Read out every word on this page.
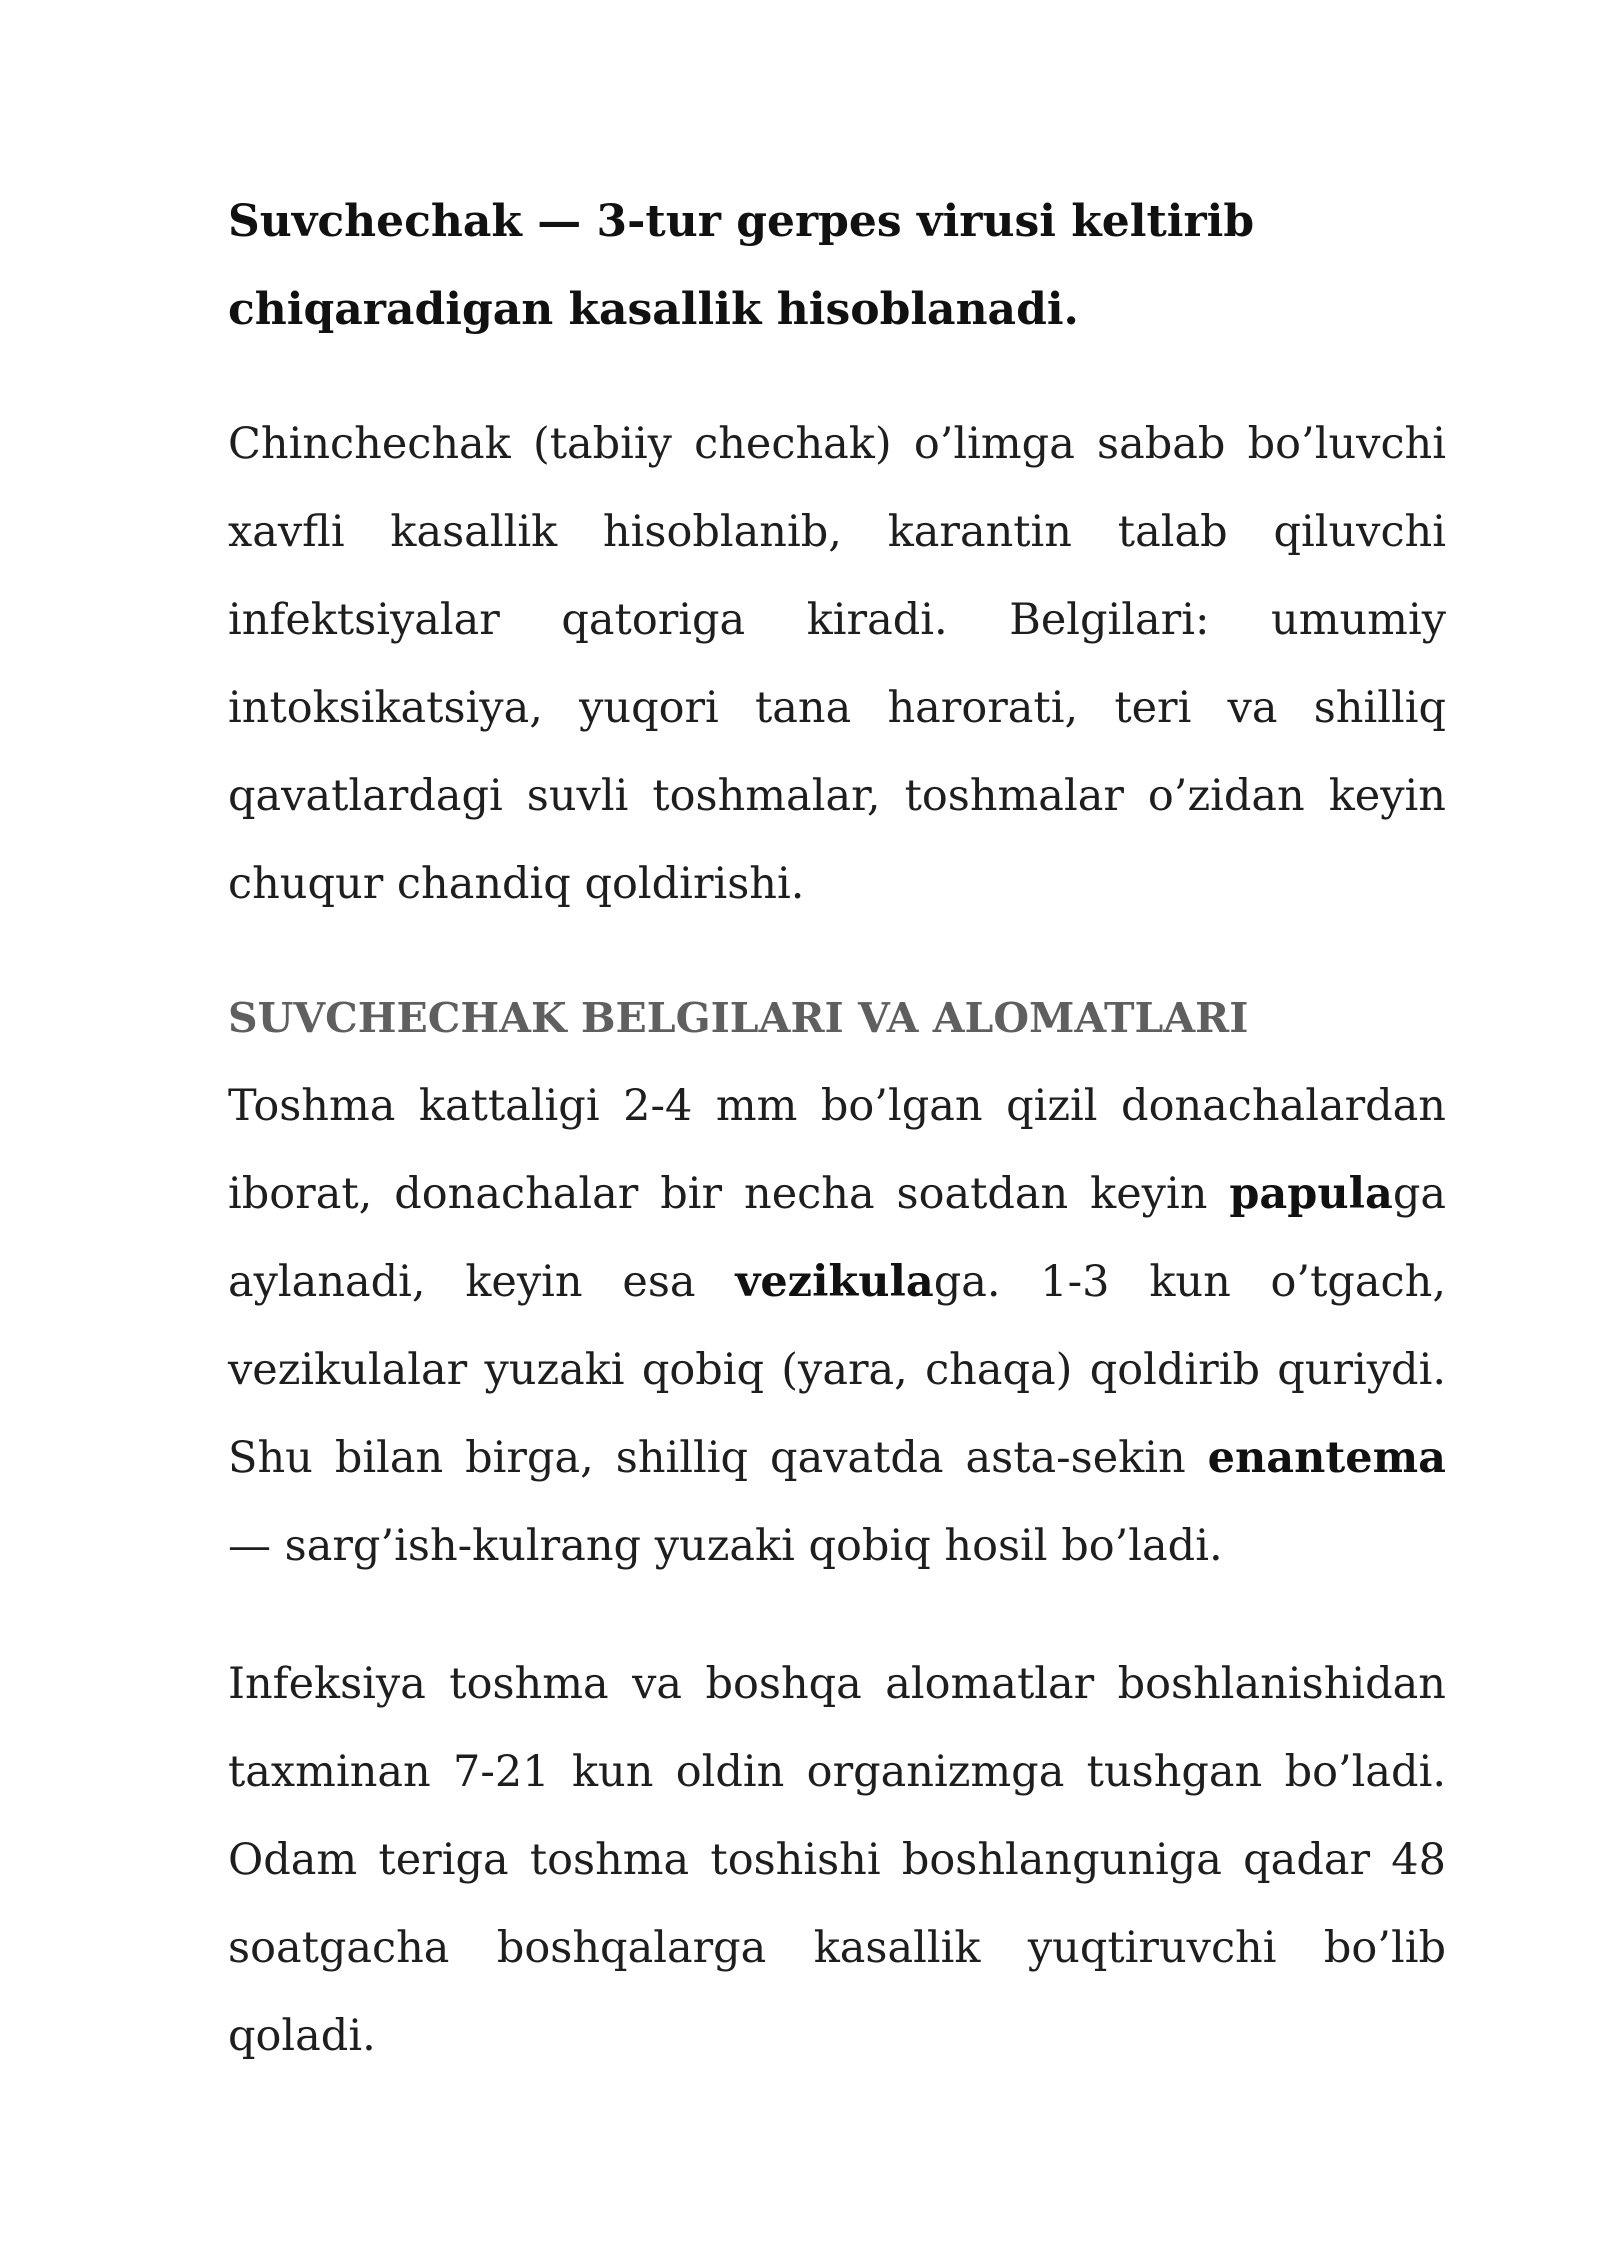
Suvchechak — 3-tur gerpes virusi keltirib chiqaradigan kasallik hisoblanadi.

Chinchechak (tabiiy chechak) o’limga sabab bo’luvchi xavfli kasallik hisoblanib, karantin talab qiluvchi infektsiyalar qatoriga kiradi. Belgilari: umumiy intoksikatsiya, yuqori tana harorati, teri va shilliq qavatlardagi suvli toshmalar, toshmalar o’zidan keyin chuqur chandiq qoldirishi.

SUVCHECHAK BELGILARI VA ALOMATLARI

Toshma kattaligi 2-4 mm bo’lgan qizil donachalardan iborat, donachalar bir necha soatdan keyin papulaga aylanadi, keyin esa vezikulaga. 1-3 kun o’tgach, vezikulalar yuzaki qobiq (yara, chaqa) qoldirib quriydi. Shu bilan birga, shilliq qavatda asta-sekin enantema — sarg’ish-kulrang yuzaki qobiq hosil bo’ladi.

Infeksiya toshma va boshqa alomatlar boshlanishidan taxminan 7-21 kun oldin organizmga tushgan bo’ladi. Odam teriga toshma toshishi boshlanguniga qadar 48 soatgacha boshqalarga kasallik yuqtiruvchi bo’lib qoladi.
